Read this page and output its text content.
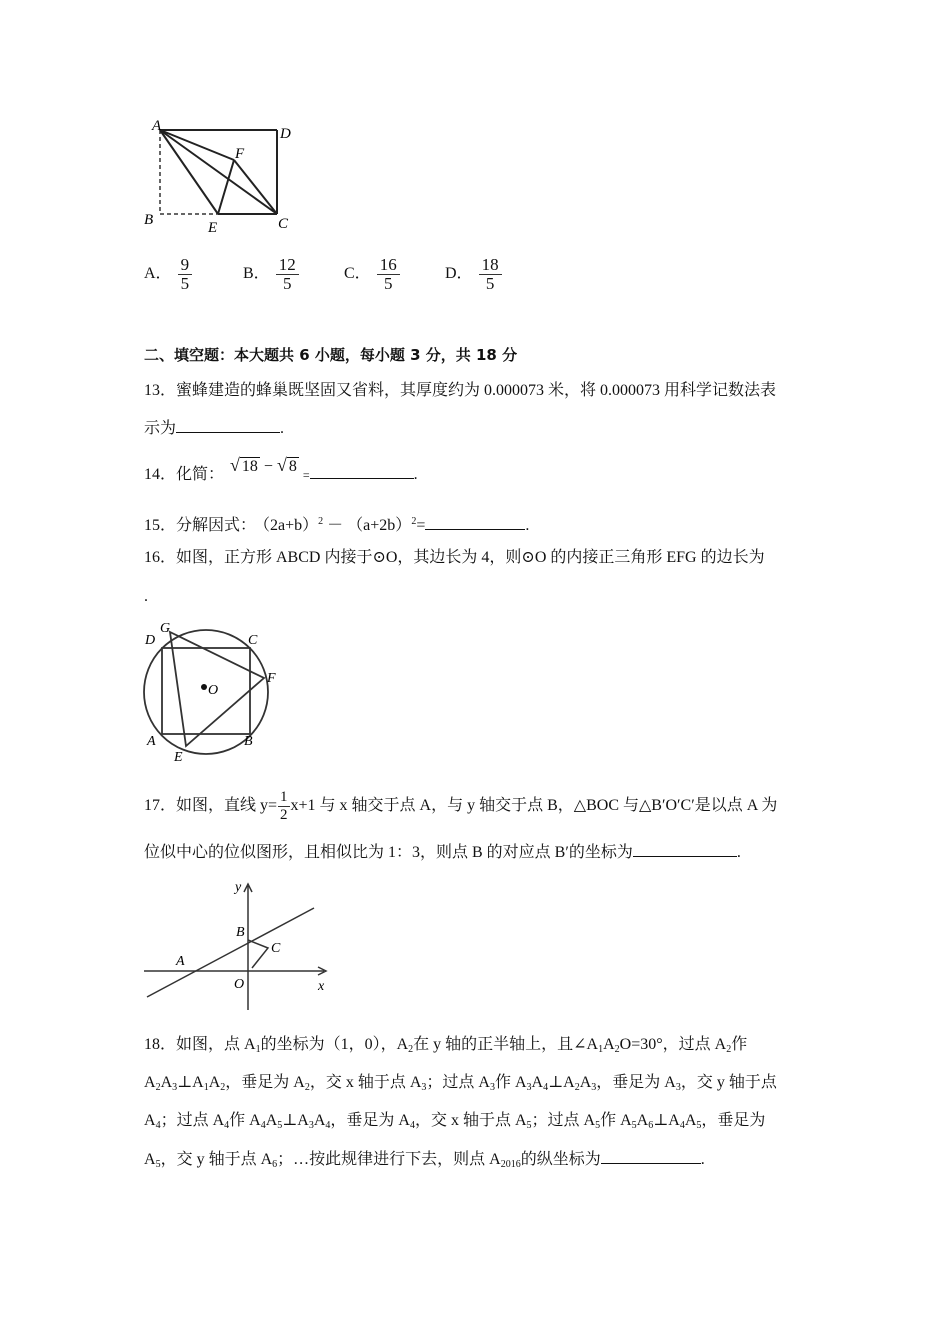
A	D
F
B	E	C
A． $\frac{9}{5}$	B． $\frac{12}{5}$	C． $\frac{16}{5}$	D． $\frac{18}{5}$
二、填空题：本大题共 6 小题，每小题 3 分，共 18 分
13．蜜蜂建造的蜂巢既坚固又省料，其厚度约为 0.000073 米，将 0.000073 用科学记数法表
示为	.
14．化简： √ 18 − √ 8 =	.
15．分解因式： $(2a+b)^2 - (a+2b)^2=$	.
16．如图，正方形 ABCD 内接于⊙O，其边长为 4，则⊙O 的内接正三角形 EFG 的边长为
.
D
G
C
F
O
A	B
E
17．如图，直线 $y= \frac{1}{2} x+1$ 与 x 轴交于点 A，与 y 轴交于点 B，△BOC 与△B′O′C′是以点 A 为
位似中心的位似图形，且相似比为 1：3，则点 B 的对应点 B′的坐标为	.
y
B
C
A
O	x
18．如图，点 $A_1$的坐标为（1，0），$A_2$在 y 轴的正半轴上，且$\angle A_1A_2O=30^\circ$，过点 $A_2$作
$A_2A_3\perp A_1A_2$，垂足为 $A_2$，交 x 轴于点 $A_3$；过点 $A_3$作 $A_3A_4\perp A_2A_3$，垂足为 $A_3$，交 y 轴于点
$A_4$；过点 $A_4$作 $A_4A_5\perp A_3A_4$，垂足为 $A_4$，交 x 轴于点 $A_5$；过点 $A_5$作 $A_5A_6\perp A_4A_5$，垂足为
$A_5$，交 y 轴于点 $A_6$；…按此规律进行下去，则点 $A_{2016}$的纵坐标为	.
